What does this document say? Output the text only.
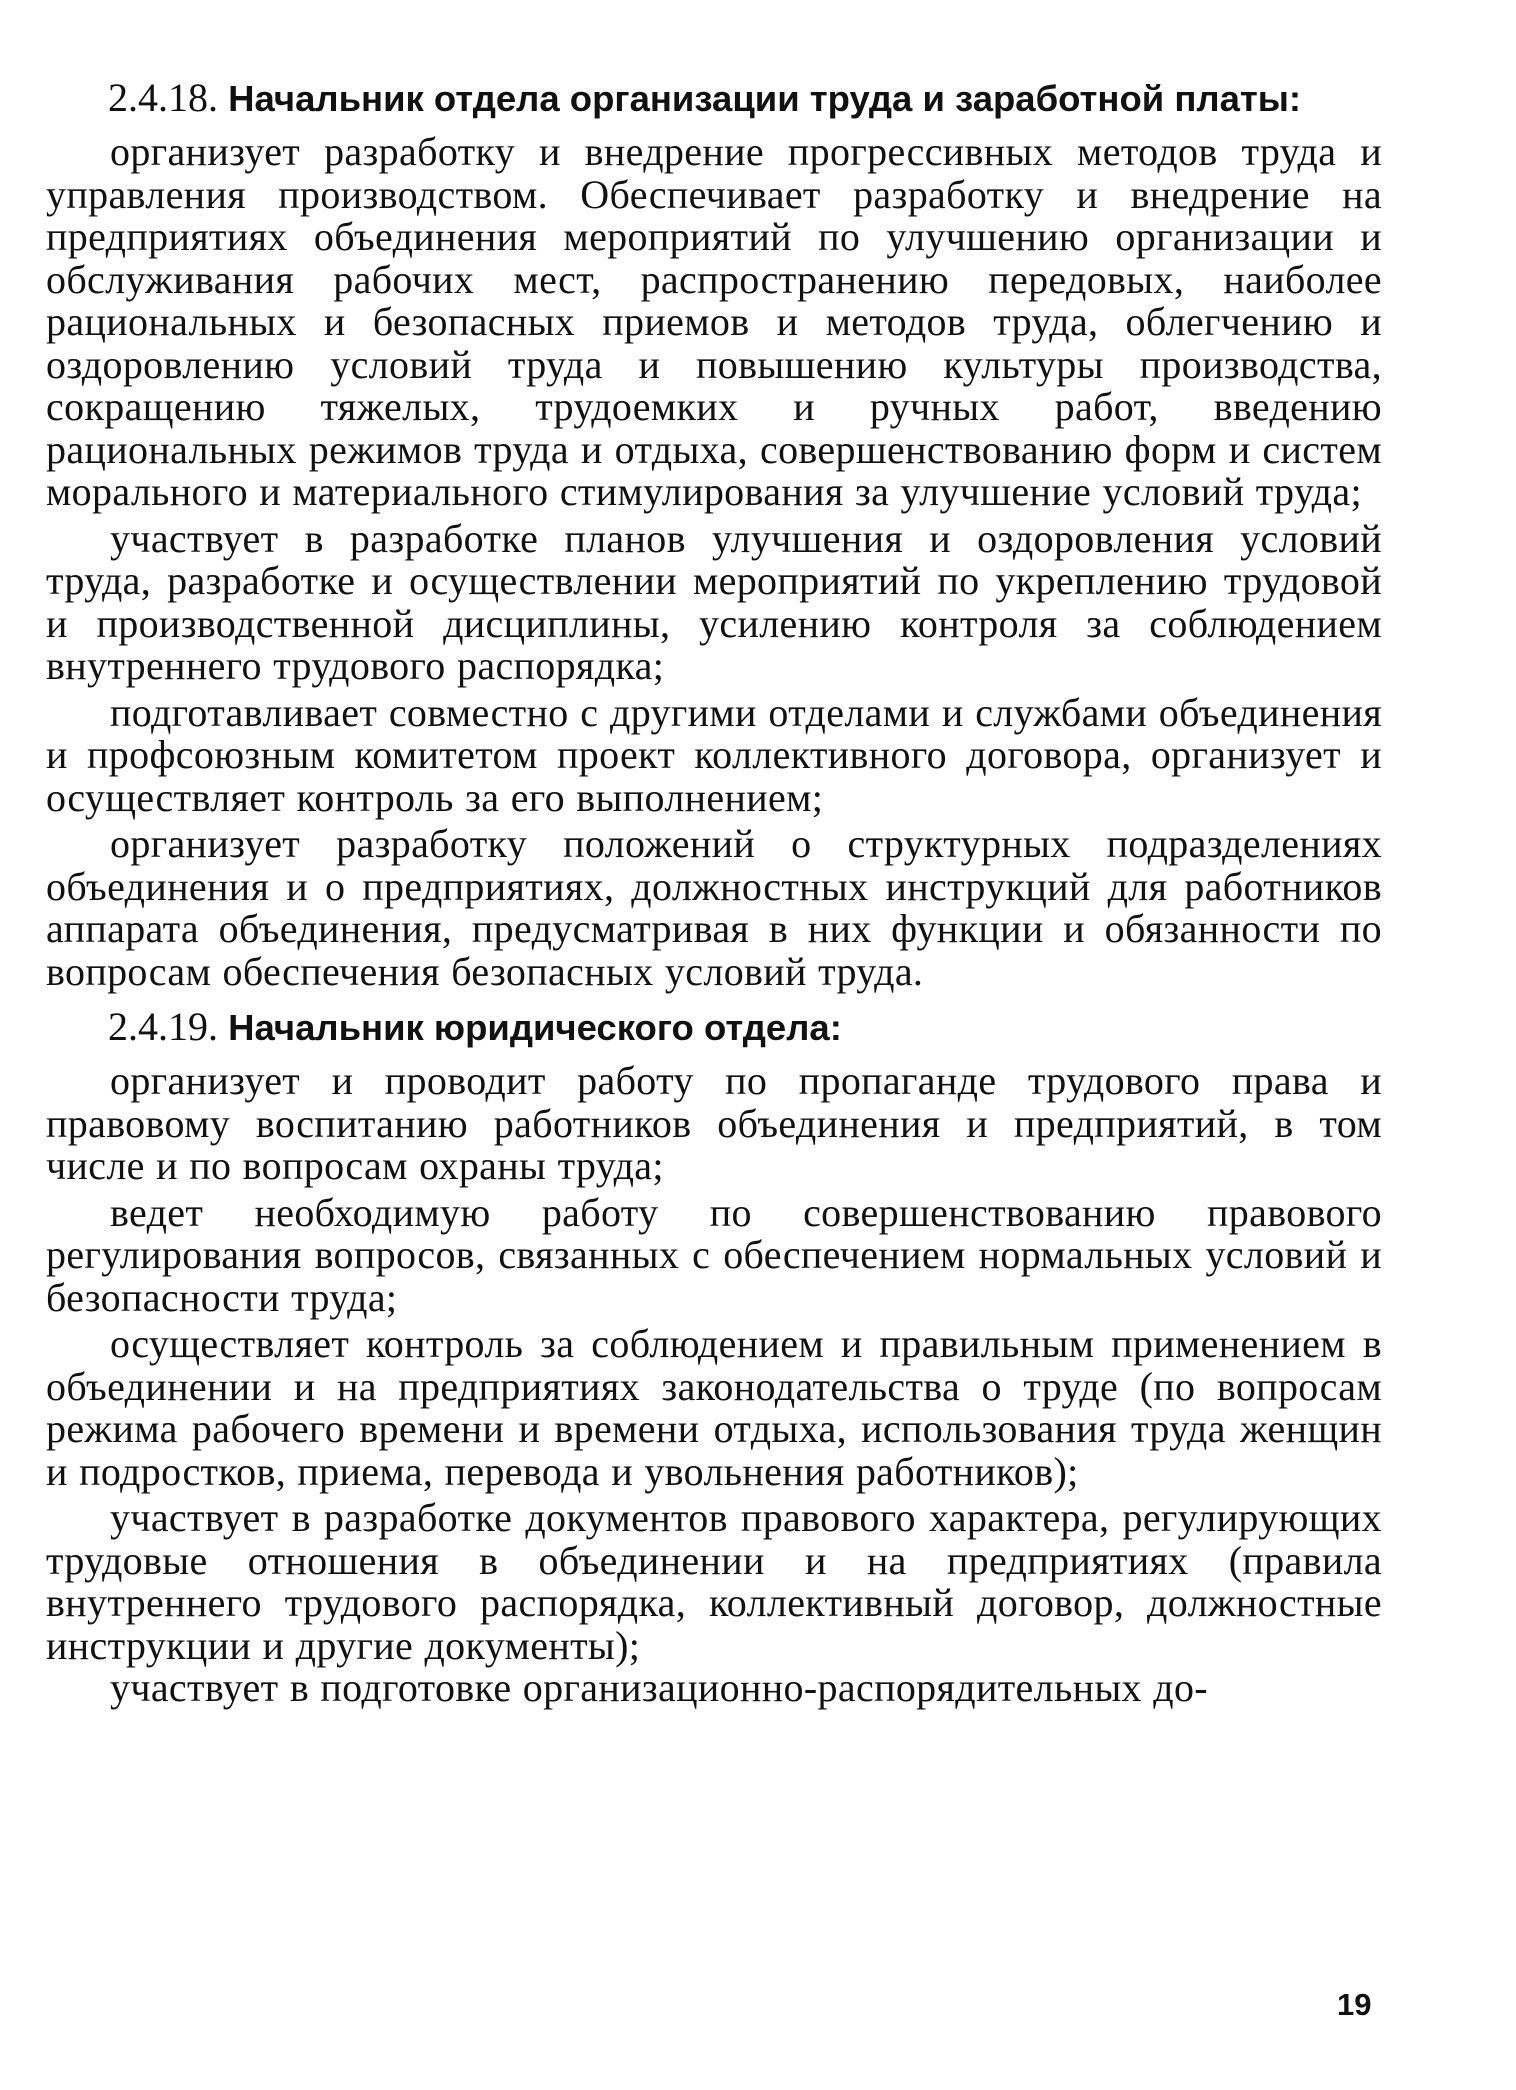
2.4.18. Начальник отдела организации труда и заработной платы:

организует разработку и внедрение прогрессивных методов труда и управления производством. Обеспечивает разработку и внедрение на предприятиях объединения мероприятий по улучшению организации и обслуживания рабочих мест, распространению передовых, наиболее рациональных и безопасных приемов и методов труда, облегчению и оздоровлению условий труда и повышению культуры производства, сокращению тяжелых, трудоемких и ручных работ, введению рациональных режимов труда и отдыха, совершенствованию форм и систем морального и материального стимулирования за улучшение условий труда;

участвует в разработке планов улучшения и оздоровления условий труда, разработке и осуществлении мероприятий по укреплению трудовой и производственной дисциплины, усилению контроля за соблюдением внутреннего трудового распорядка;

подготавливает совместно с другими отделами и службами объединения и профсоюзным комитетом проект коллективного договора, организует и осуществляет контроль за его выполнением;

организует разработку положений о структурных подразделениях объединения и о предприятиях, должностных инструкций для работников аппарата объединения, предусматривая в них функции и обязанности по вопросам обеспечения безопасных условий труда.

2.4.19. Начальник юридического отдела:

организует и проводит работу по пропаганде трудового права и правовому воспитанию работников объединения и предприятий, в том числе и по вопросам охраны труда;

ведет необходимую работу по совершенствованию правового регулирования вопросов, связанных с обеспечением нормальных условий и безопасности труда;

осуществляет контроль за соблюдением и правильным применением в объединении и на предприятиях законодательства о труде (по вопросам режима рабочего времени и времени отдыха, использования труда женщин и подростков, приема, перевода и увольнения работников);

участвует в разработке документов правового характера, регулирующих трудовые отношения в объединении и на предприятиях (правила внутреннего трудового распорядка, коллективный договор, должностные инструкции и другие документы);

участвует в подготовке организационно-распорядительных до-

19
